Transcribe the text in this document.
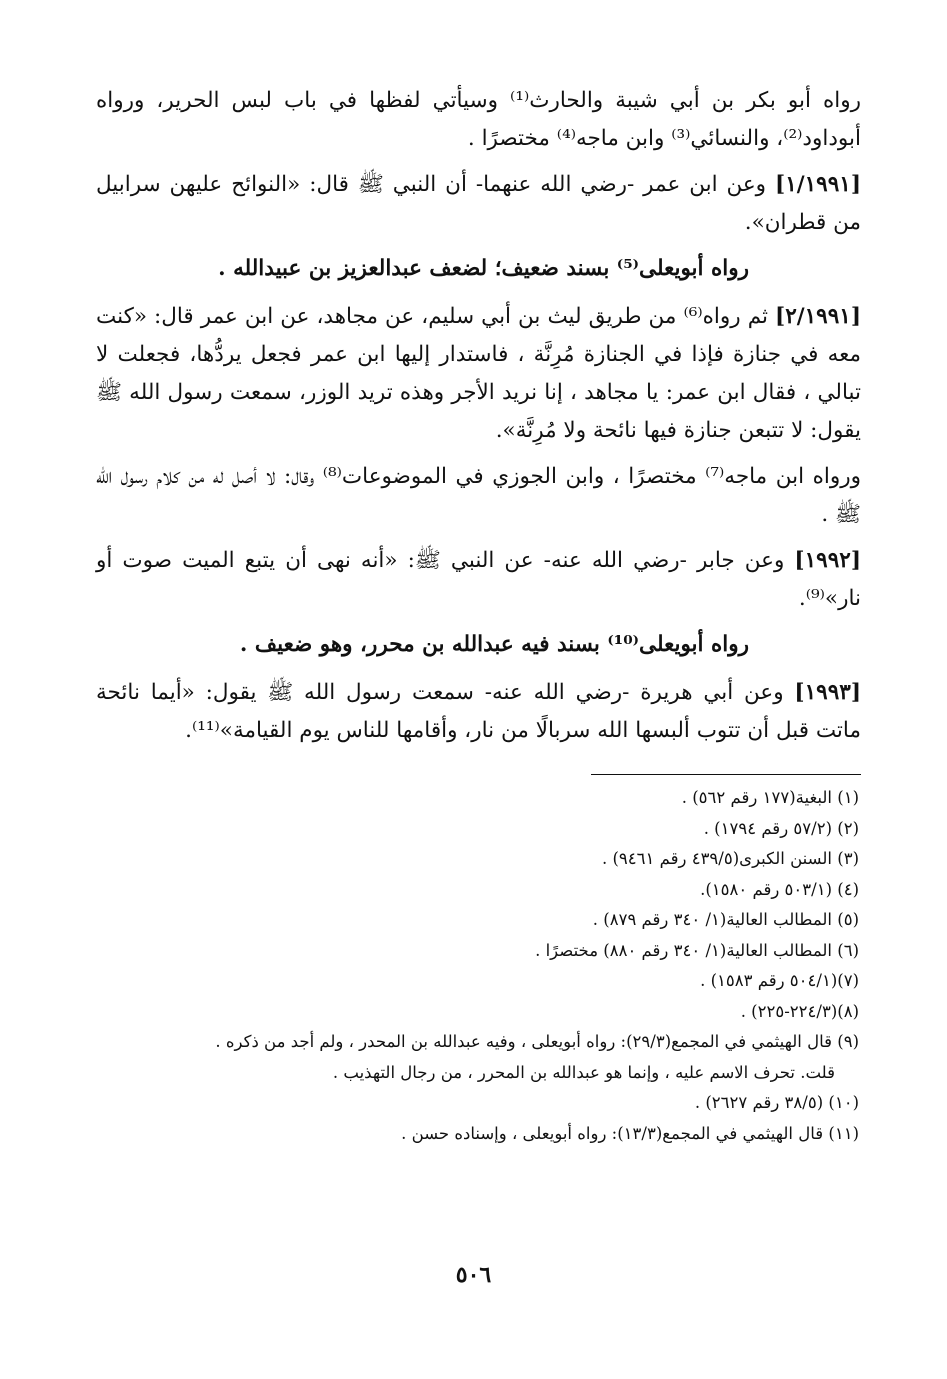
رواه أبو بكر بن أبي شيبة والحارث⁽¹⁾ وسيأتي لفظها في باب لبس الحرير، ورواه أبوداود⁽²⁾، والنسائي⁽³⁾ وابن ماجه⁽⁴⁾ مختصرًا .

[١/١٩٩١] وعن ابن عمر -رضي الله عنهما- أن النبي ﷺ قال: «النوائح عليهن سرابيل من قطران».

رواه أبويعلى⁽⁵⁾ بسند ضعيف؛ لضعف عبدالعزيز بن عبيدالله .

[٢/١٩٩١] ثم رواه⁽⁶⁾ من طريق ليث بن أبي سليم، عن مجاهد، عن ابن عمر قال: «كنت معه في جنازة فإذا في الجنازة مُرِنَّة ، فاستدار إليها ابن عمر فجعل يردُّها، فجعلت لا تبالي ، فقال ابن عمر: يا مجاهد ، إنا نريد الأجر وهذه تريد الوزر، سمعت رسول الله ﷺ يقول: لا تتبعن جنازة فيها نائحة ولا مُرِنَّة».

ورواه ابن ماجه⁽⁷⁾ مختصرًا ، وابن الجوزي في الموضوعات⁽⁸⁾ وقال: لا أصل له من كلام رسول الله ﷺ .

[١٩٩٢] وعن جابر -رضي الله عنه- عن النبي ﷺ: «أنه نهى أن يتبع الميت صوت أو نار»⁽⁹⁾.

رواه أبويعلى⁽¹⁰⁾ بسند فيه عبدالله بن محرر، وهو ضعيف .

[١٩٩٣] وعن أبي هريرة -رضي الله عنه- سمعت رسول الله ﷺ يقول: «أيما نائحة ماتت قبل أن تتوب ألبسها الله سربالًا من نار، وأقامها للناس يوم القيامة»⁽¹¹⁾.

(١) البغية(١٧٧ رقم ٥٦٢) .

(٢) (٥٧/٢ رقم ١٧٩٤) .

(٣) السنن الكبرى(٤٣٩/٥ رقم ٩٤٦١) .

(٤) (٥٠٣/١ رقم ١٥٨٠).

(٥) المطالب العالية(١/ ٣٤٠ رقم ٨٧٩) .

(٦) المطالب العالية(١/ ٣٤٠ رقم ٨٨٠) مختصرًا .

(٧)(٥٠٤/١ رقم ١٥٨٣) .

(٨)(٢٢٤/٣-٢٢٥) .

(٩) قال الهيثمي في المجمع(٢٩/٣): رواه أبويعلى ، وفيه عبدالله بن المحدر ، ولم أجد من ذكره .

قلت. تحرف الاسم عليه ، وإنما هو عبدالله بن المحرر ، من رجال التهذيب .

(١٠) (٣٨/٥ رقم ٢٦٢٧) .

(١١) قال الهيثمي في المجمع(١٣/٣): رواه أبويعلى ، وإسناده حسن .

٥٠٦
